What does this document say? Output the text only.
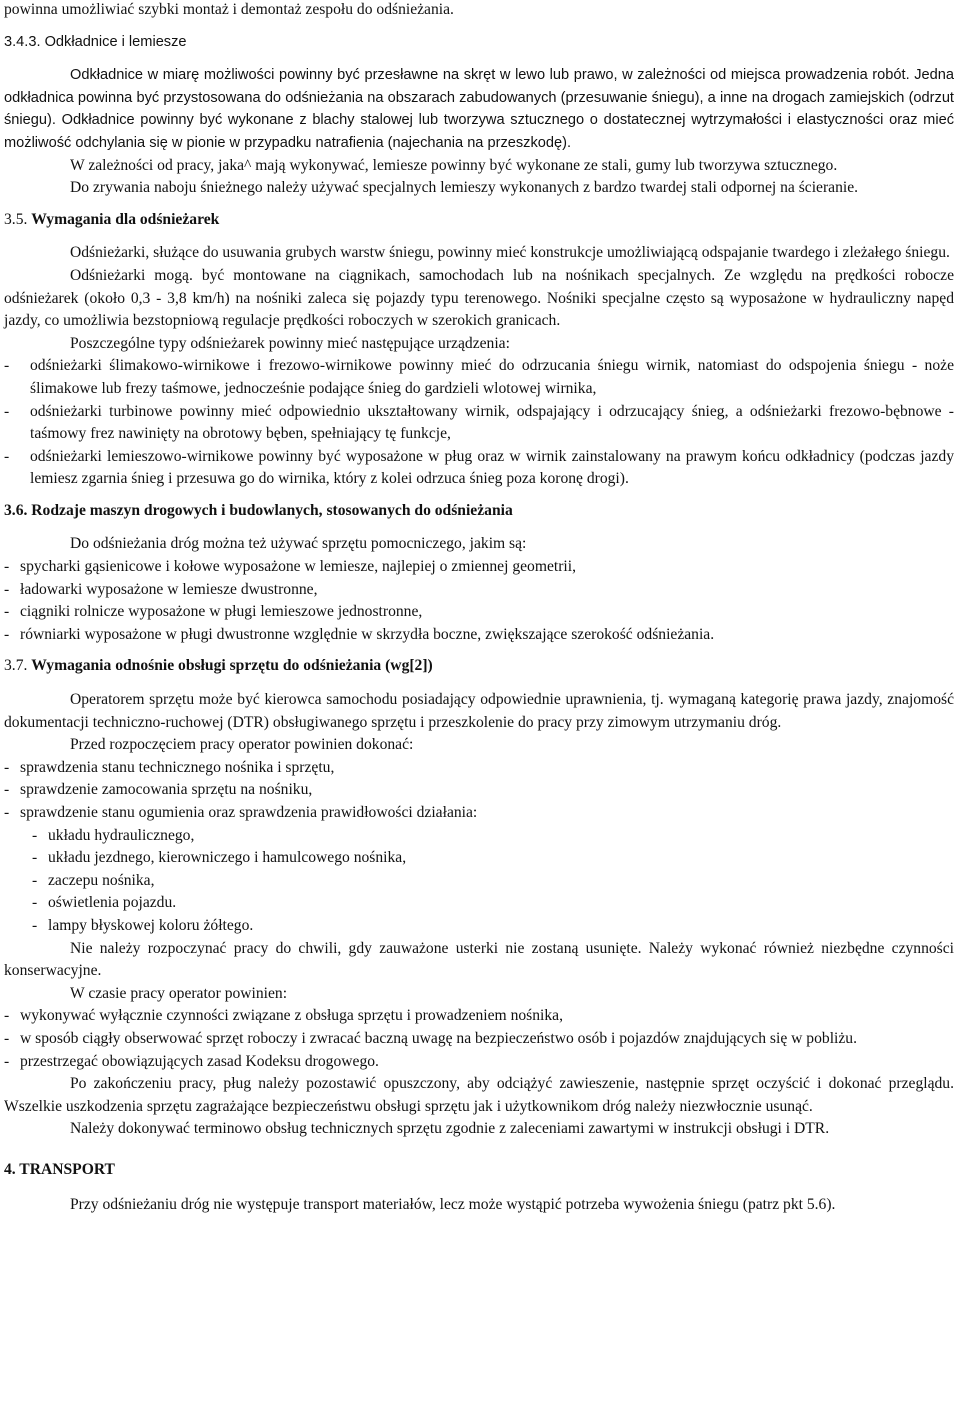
powinna umożliwiać szybki montaż i demontaż zespołu do odśnieżania.

3.4.3. Odkładnice i lemiesze

Odkładnice w miarę możliwości powinny być przesławne na skręt w lewo lub prawo, w zależności od miejsca prowadzenia robót. Jedna odkładnica powinna być przystosowana do odśnieżania na obszarach zabudowanych (przesuwanie śniegu), a inne na drogach zamiejskich (odrzut śniegu). Odkładnice powinny być wykonane z blachy stalowej lub tworzywa sztucznego o dostatecznej wytrzymałości i elastyczności oraz mieć możliwość odchylania się w pionie w przypadku natrafienia (najechania na przeszkodę).

W zależności od pracy, jaka^ mają wykonywać, lemiesze powinny być wykonane ze stali, gumy lub tworzywa sztucznego.

Do zrywania naboju śnieżnego należy używać specjalnych lemieszy wykonanych z bardzo twardej stali odpornej na ścieranie.

3.5. Wymagania dla odśnieżarek

Odśnieżarki, służące do usuwania grubych warstw śniegu, powinny mieć konstrukcje umożliwiającą odspajanie twardego i zleżałego śniegu.

Odśnieżarki mogą. być montowane na ciągnikach, samochodach lub na nośnikach specjalnych. Ze względu na prędkości robocze odśnieżarek (około 0,3 - 3,8 km/h) na nośniki zaleca się pojazdy typu terenowego. Nośniki specjalne często są wyposażone w hydrauliczny napęd jazdy, co umożliwia bezstopniową regulacje prędkości roboczych w szerokich granicach.

Poszczególne typy odśnieżarek powinny mieć następujące urządzenia:

- odśnieżarki ślimakowo-wirnikowe i frezowo-wirnikowe powinny mieć do odrzucania śniegu wirnik, natomiast do odspojenia śniegu - noże ślimakowe lub frezy taśmowe, jednocześnie podające śnieg do gardzieli wlotowej wirnika,
- odśnieżarki turbinowe powinny mieć odpowiednio ukształtowany wirnik, odspajający i odrzucający śnieg, a odśnieżarki frezowo-bębnowe - taśmowy frez nawinięty na obrotowy bęben, spełniający tę funkcje,
- odśnieżarki lemieszowo-wirnikowe powinny być wyposażone w pług oraz w wirnik zainstalowany na prawym końcu odkładnicy (podczas jazdy lemiesz zgarnia śnieg i przesuwa go do wirnika, który z kolei odrzuca śnieg poza koronę drogi).

3.6. Rodzaje maszyn drogowych i budowlanych, stosowanych do odśnieżania

Do odśnieżania dróg można też używać sprzętu pomocniczego, jakim są:

- spycharki gąsienicowe i kołowe wyposażone w lemiesze, najlepiej o zmiennej geometrii,
- ładowarki wyposażone w lemiesze dwustronne,
- ciągniki rolnicze wyposażone w pługi lemieszowe jednostronne,
- równiarki wyposażone w pługi dwustronne względnie w skrzydła boczne, zwiększające szerokość odśnieżania.

3.7. Wymagania odnośnie obsługi sprzętu do odśnieżania (wg[2])

Operatorem sprzętu może być kierowca samochodu posiadający odpowiednie uprawnienia, tj. wymaganą kategorię prawa jazdy, znajomość dokumentacji techniczno-ruchowej (DTR) obsługiwanego sprzętu i przeszkolenie do pracy przy zimowym utrzymaniu dróg.

Przed rozpoczęciem pracy operator powinien dokonać:

- sprawdzenia stanu technicznego nośnika i sprzętu,
- sprawdzenie zamocowania sprzętu na nośniku,
- sprawdzenie stanu ogumienia oraz sprawdzenia prawidłowości działania:
- układu hydraulicznego,
- układu jezdnego, kierowniczego i hamulcowego nośnika,
- zaczepu nośnika,
- oświetlenia pojazdu.
- lampy błyskowej koloru żółtego.

Nie należy rozpoczynać pracy do chwili, gdy zauważone usterki nie zostaną usunięte. Należy wykonać również niezbędne czynności konserwacyjne.

W czasie pracy operator powinien:

- wykonywać wyłącznie czynności związane z obsługa sprzętu i prowadzeniem nośnika,
- w sposób ciągły obserwować sprzęt roboczy i zwracać baczną uwagę na bezpieczeństwo osób i pojazdów znajdujących się w pobliżu.
- przestrzegać obowiązujących zasad Kodeksu drogowego.

Po zakończeniu pracy, pług należy pozostawić opuszczony, aby odciążyć zawieszenie, następnie sprzęt oczyścić i dokonać przeglądu. Wszelkie uszkodzenia sprzętu zagrażające bezpieczeństwu obsługi sprzętu jak i użytkownikom dróg należy niezwłocznie usunąć.

Należy dokonywać terminowo obsług technicznych sprzętu zgodnie z zaleceniami zawartymi w instrukcji obsługi i DTR.

4. TRANSPORT

Przy odśnieżaniu dróg nie występuje transport materiałów, lecz może wystąpić potrzeba wywożenia śniegu (patrz pkt 5.6).
